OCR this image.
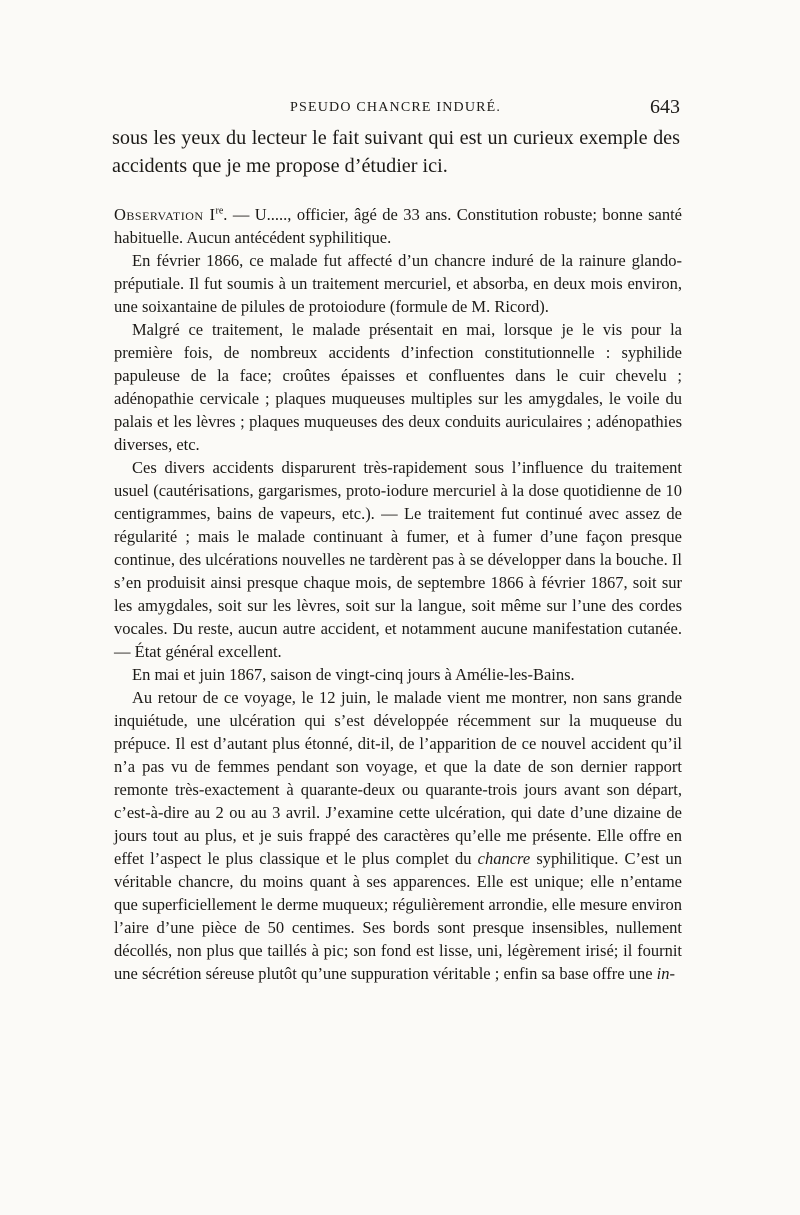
PSEUDO CHANCRE INDURÉ.	643
sous les yeux du lecteur le fait suivant qui est un curieux exemple des accidents que je me propose d’étudier ici.

Observation Ire. — U....., officier, âgé de 33 ans. Constitution robuste; bonne santé habituelle. Aucun antécédent syphilitique.

En février 1866, ce malade fut affecté d’un chancre induré de la rainure glando-préputiale. Il fut soumis à un traitement mercuriel, et absorba, en deux mois environ, une soixantaine de pilules de protoiodure (formule de M. Ricord).

Malgré ce traitement, le malade présentait en mai, lorsque je le vis pour la première fois, de nombreux accidents d’infection constitutionnelle : syphilide papuleuse de la face; croûtes épaisses et confluentes dans le cuir chevelu ; adénopathie cervicale ; plaques muqueuses multiples sur les amygdales, le voile du palais et les lèvres ; plaques muqueuses des deux conduits auriculaires ; adénopathies diverses, etc.

Ces divers accidents disparurent très-rapidement sous l’influence du traitement usuel (cautérisations, gargarismes, proto-iodure mercuriel à la dose quotidienne de 10 centigrammes, bains de vapeurs, etc.). — Le traitement fut continué avec assez de régularité ; mais le malade continuant à fumer, et à fumer d’une façon presque continue, des ulcérations nouvelles ne tardèrent pas à se développer dans la bouche. Il s’en produisit ainsi presque chaque mois, de septembre 1866 à février 1867, soit sur les amygdales, soit sur les lèvres, soit sur la langue, soit même sur l’une des cordes vocales. Du reste, aucun autre accident, et notamment aucune manifestation cutanée. — État général excellent.

En mai et juin 1867, saison de vingt-cinq jours à Amélie-les-Bains.

Au retour de ce voyage, le 12 juin, le malade vient me montrer, non sans grande inquiétude, une ulcération qui s’est développée récemment sur la muqueuse du prépuce. Il est d’autant plus étonné, dit-il, de l’apparition de ce nouvel accident qu’il n’a pas vu de femmes pendant son voyage, et que la date de son dernier rapport remonte très-exactement à quarante-deux ou quarante-trois jours avant son départ, c’est-à-dire au 2 ou au 3 avril. J’examine cette ulcération, qui date d’une dizaine de jours tout au plus, et je suis frappé des caractères qu’elle me présente. Elle offre en effet l’aspect le plus classique et le plus complet du chancre syphilitique. C’est un véritable chancre, du moins quant à ses apparences. Elle est unique; elle n’entame que superficiellement le derme muqueux; régulièrement arrondie, elle mesure environ l’aire d’une pièce de 50 centimes. Ses bords sont presque insensibles, nullement décollés, non plus que taillés à pic; son fond est lisse, uni, légèrement irisé; il fournit une sécrétion séreuse plutôt qu’une suppuration véritable ; enfin sa base offre une in-
